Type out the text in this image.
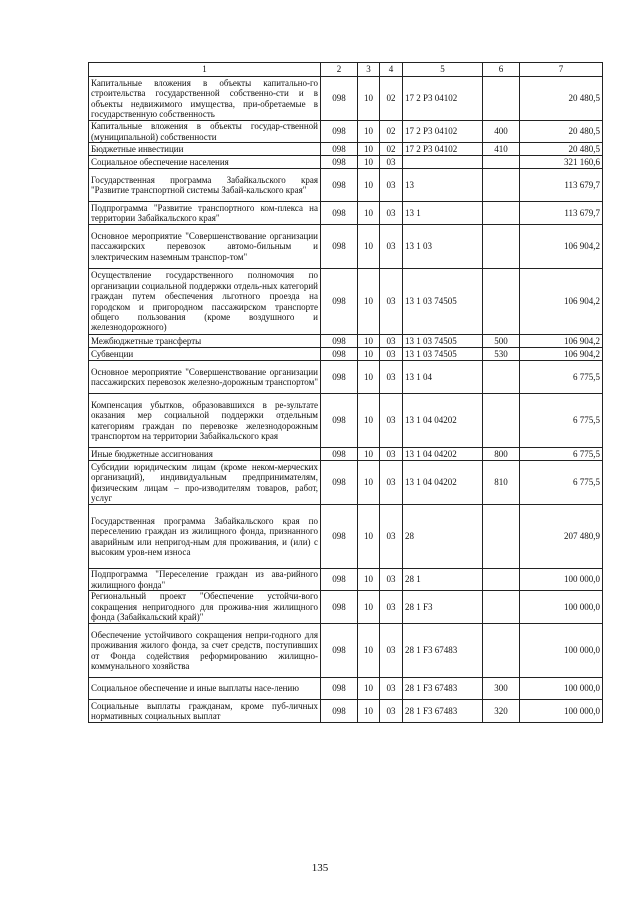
1	2	3	4	5	6	7
Капитальные вложения в объекты капитально-го строительства государственной собственно-сти и в объекты недвижимого имущества, при-обретаемые в государственную собственность	098	10	02	17 2 Р3 04102		20 480,5
Капитальные вложения в объекты государ-ственной (муниципальной) собственности	098	10	02	17 2 Р3 04102	400	20 480,5
Бюджетные инвестиции	098	10	02	17 2 Р3 04102	410	20 480,5
Социальное обеспечение населения	098	10	03			321 160,6
Государственная программа Забайкальского края "Развитие транспортной системы Забай-кальского края"	098	10	03	13		113 679,7
Подпрограмма "Развитие транспортного ком-плекса на территории Забайкальского края"	098	10	03	13 1		113 679,7
Основное мероприятие "Совершенствование организации пассажирских перевозок автомо-бильным и электрическим наземным транспор-том"	098	10	03	13 1 03		106 904,2
Осуществление государственного полномочия по организации социальной поддержки отдель-ных категорий граждан путем обеспечения льготного проезда на городском и пригородном пассажирском транспорте общего пользования (кроме воздушного и железнодорожного)	098	10	03	13 1 03 74505		106 904,2
Межбюджетные трансферты	098	10	03	13 1 03 74505	500	106 904,2
Субвенции	098	10	03	13 1 03 74505	530	106 904,2
Основное мероприятие "Совершенствование организации пассажирских перевозок железно-дорожным транспортом"	098	10	03	13 1 04		6 775,5
Компенсация убытков, образовавшихся в ре-зультате оказания мер социальной поддержки отдельным категориям граждан по перевозке железнодорожным транспортом на территории Забайкальского края	098	10	03	13 1 04 04202		6 775,5
Иные бюджетные ассигнования	098	10	03	13 1 04 04202	800	6 775,5
Субсидии юридическим лицам (кроме неком-мерческих организаций), индивидуальным предпринимателям, физическим лицам – про-изводителям товаров, работ, услуг	098	10	03	13 1 04 04202	810	6 775,5
Государственная программа Забайкальского края по переселению граждан из жилищного фонда, признанного аварийным или непригод-ным для проживания, и (или) с высоким уров-нем износа	098	10	03	28		207 480,9
Подпрограмма "Переселение граждан из ава-рийного жилищного фонда"	098	10	03	28 1		100 000,0
Региональный проект "Обеспечение устойчи-вого сокращения непригодного для прожива-ния жилищного фонда (Забайкальский край)"	098	10	03	28 1 F3		100 000,0
Обеспечение устойчивого сокращения непри-годного для проживания жилого фонда, за счет средств, поступивших от Фонда содействия реформированию жилищно-коммунального хозяйства	098	10	03	28 1 F3 67483		100 000,0
Социальное обеспечение и иные выплаты насе-лению	098	10	03	28 1 F3 67483	300	100 000,0
Социальные выплаты гражданам, кроме пуб-личных нормативных социальных выплат	098	10	03	28 1 F3 67483	320	100 000,0
135
